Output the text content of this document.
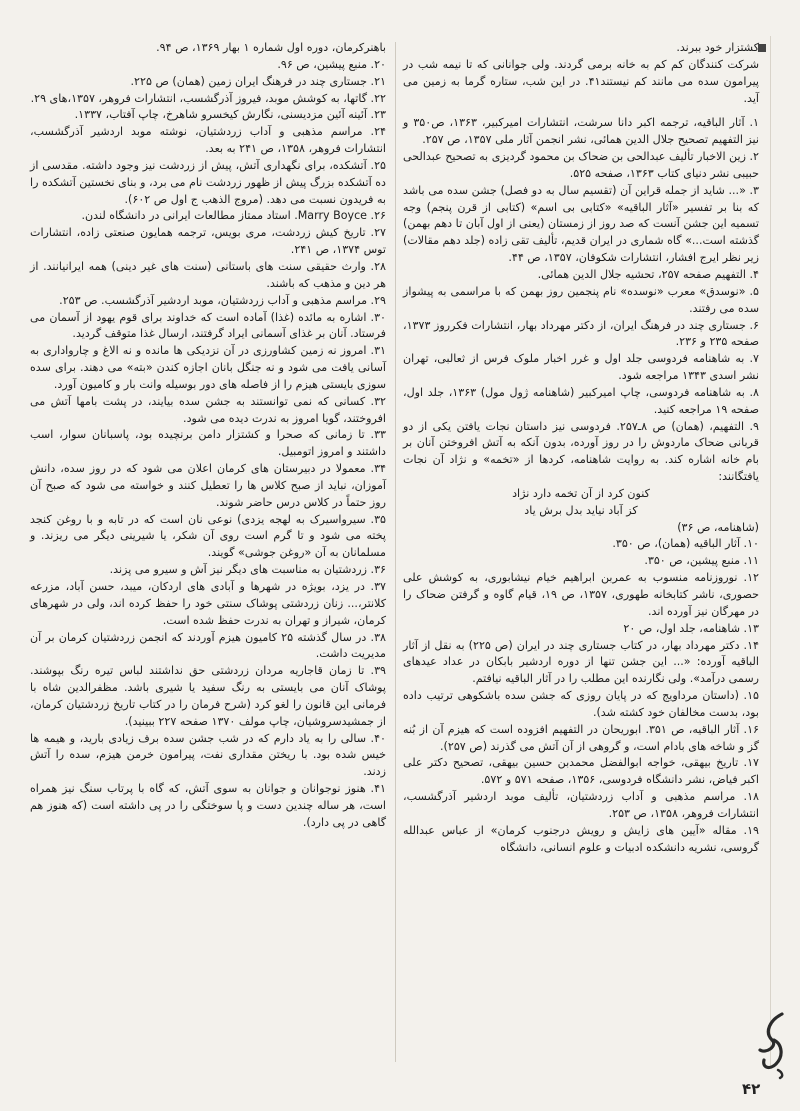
کشتزار خود ببرند.

شرکت کنندگان کم کم به خانه برمی گردند. ولی جوانانی که تا نیمه شب در پیرامون سده می مانند کم نیستند۴۱. در این شب، ستاره گرما به زمین می آید.

۱. آثار الباقیه، ترجمه اکبر دانا سرشت، انتشارات امیرکبیر، ۱۳۶۳، ص۳۵۰ و نیز التفهیم تصحیح جلال الدین همائی، نشر انجمن آثار ملی ۱۳۵۷، ص ۲۵۷.

۲. زین الاخبار تألیف عبدالحی بن ضحاک بن محمود گردیزی به تصحیح عبدالحی حبیبی نشر دنیای کتاب ۱۳۶۳، صفحه ۵۲۵.

۳. «... شاید از جمله قراین آن (تقسیم سال به دو فصل) جشن سده می باشد که بنا بر تفسیر «آثار الباقیه» «کتابی بی اسم» (کتابی از قرن پنجم) وجه تسمیه این جشن آنست که صد روز از زمستان (یعنی از اول آبان تا دهم بهمن) گذشته است...» گاه شماری در ایران قدیم، تألیف تقی زاده (جلد دهم مقالات) زیر نظر ایرج افشار، انتشارات شکوفان، ۱۳۵۷، ص ۴۴.

۴. التفهیم صفحه ۲۵۷، تحشیه جلال الدین همائی.

۵. «نوسدق» معرب «نوسده» نام پنجمین روز بهمن که با مراسمی به پیشواز سده می رفتند.

۶. جستاری چند در فرهنگ ایران، از دکتر مهرداد بهار، انتشارات فکرروز ۱۳۷۳، صفحه ۲۳۵ و ۲۳۶.

۷. به شاهنامه فردوسی جلد اول و غرر اخبار ملوک فرس از ثعالبی، تهران نشر اسدی ۱۳۴۳ مراجعه شود.

۸. به شاهنامه فردوسی، چاپ امیرکبیر (شاهنامه ژول مول) ۱۳۶۳، جلد اول، صفحه ۱۹ مراجعه کنید.

۹. التفهیم، (همان) ص ۸ـ۲۵۷. فردوسی نیز داستان نجات یافتن یکی از دو قربانی ضحاک ماردوش را در روز آورده، بدون آنکه به آتش افروختن آنان بر بام خانه اشاره کند. به روایت شاهنامه، کردها از «تخمه» و نژاد آن نجات یافتگانند:

کنون کرد از آن تخمه دارد نژاد

کز آباد نیاید بدل برش یاد

(شاهنامه، ص ۳۶)

۱۰. آثار الباقیه (همان)، ص ۳۵۰.

۱۱. منبع پیشین، ص ۳۵۰.

۱۲. نوروزنامه منسوب به عمربن ابراهیم خیام نیشابوری، به کوشش علی حصوری، ناشر کتابخانه طهوری، ۱۳۵۷، ص ۱۹، قیام گاوه و گرفتن ضحاک را در مهرگان نیز آورده اند.

۱۳. شاهنامه، جلد اول، ص ۲۰

۱۴. دکتر مهرداد بهار، در کتاب جستاری چند در ایران (ص ۲۲۵) به نقل از آثار الباقیه آورده: «... این جشن تنها از دوره اردشیر بابکان در عداد عیدهای رسمی درآمد». ولی نگارنده این مطلب را در آثار الباقیه نیافتم.

۱۵. (داستان مرداویج که در پایان روزی که جشن سده باشکوهی ترتیب داده بود، بدست مخالفان خود کشته شد).

۱۶. آثار الباقیه، ص ۳۵۱. ابوریحان در التفهیم افزوده است که هیزم آن از بُنه گز و شاخه های بادام است، و گروهی از آن آتش می گذرند (ص ۲۵۷).

۱۷. تاریخ بیهقی، خواجه ابوالفضل محمدبن حسین بیهقی، تصحیح دکتر علی اکبر فیاض، نشر دانشگاه فردوسی، ۱۳۵۶، صفحه ۵۷۱ و ۵۷۲.

۱۸. مراسم مذهبی و آداب زردشتیان، تألیف موبد اردشیر آذرگشسب، انتشارات فروهر، ۱۳۵۸، ص ۲۵۳.

۱۹. مقاله «آیین های زایش و رویش درجنوب کرمان» از عباس عبدالله گروسی، نشریه دانشکده ادبیات و علوم انسانی، دانشگاه

باهنرکرمان، دوره اول شماره ۱ بهار ۱۳۶۹، ص ۹۴.

۲۰. منبع پیشین، ص ۹۶.

۲۱. جستاری چند در فرهنگ ایران زمین (همان) ص ۲۲۵.

۲۲. گاتها، به کوشش موبد، فیروز آذرگشسب، انتشارات فروهر، ۱۳۵۷،های ۲۹.

۲۳. آئینه آئین مزدیسنی، نگارش کیخسرو شاهرخ، چاپ آفتاب، ۱۳۳۷.

۲۴. مراسم مذهبی و آداب زردشتیان، نوشته موبد اردشیر آذرگشسب، انتشارات فروهر، ۱۳۵۸، ص ۲۴۱ به بعد.

۲۵. آتشکده، برای نگهداری آتش، پیش از زردشت نیز وجود داشته. مقدسی از ده آتشکده بزرگ پیش از ظهور زردشت نام می برد، و بنای نخستین آتشکده را به فریدون نسبت می دهد. (مروج الذهب ج اول ص ۶۰۲).

۲۶. Marry Boyce. استاد ممتاز مطالعات ایرانی در دانشگاه لندن.

۲۷. تاریخ کیش زردشت، مری بویس، ترجمه همایون صنعتی زاده، انتشارات توس ۱۳۷۴، ص ۲۴۱.

۲۸. وارث حقیقی سنت های باستانی (سنت های غیر دینی) همه ایرانیانند. از هر دین و مذهب که باشند.

۲۹. مراسم مذهبی و آداب زردشتیان، موبد اردشیر آذرگشسب. ص ۲۵۳.

۳۰. اشاره به مائده (غذا) آماده است که خداوند برای قوم یهود از آسمان می فرستاد. آنان بر غذای آسمانی ایراد گرفتند، ارسال غذا متوقف گردید.

۳۱. امروز نه زمین کشاورزی در آن نزدیکی ها مانده و نه الاغ و چارواداری به آسانی یافت می شود و نه جنگل بانان اجازه کندن «بته» می دهند. برای سده سوزی بایستی هیزم را از فاصله های دور بوسیله وانت بار و کامیون آورد.

۳۲. کسانی که نمی توانستند به جشن سده بیایند، در پشت بامها آتش می افروختند، گویا امروز به ندرت دیده می شود.

۳۳. تا زمانی که صحرا و کشتزار دامن برنچیده بود، پاسبانان سوار، اسب داشتند و امروز اتومبیل.

۳۴. معمولا در دبیرستان های کرمان اعلان می شود که در روز سده، دانش آموزان، نباید از صبح کلاس ها را تعطیل کنند و خواسته می شود که صبح آن روز حتماً در کلاس درس حاضر شوند.

۳۵. سیرواسیرک به لهجه یزدی) نوعی نان است که در تابه و با روغن کنجد پخته می شود و تا گرم است روی آن شکر، یا شیرینی دیگر می ریزند. و مسلمانان به آن «روغن جوشی» گویند.

۳۶. زردشتیان به مناسبت های دیگر نیز آش و سیرو می پزند.

۳۷. در یزد، بویژه در شهرها و آبادی های اردکان، میبد، حسن آباد، مزرعه کلانتر،... زنان زردشتی پوشاک سنتی خود را حفظ کرده اند، ولی در شهرهای کرمان، شیراز و تهران به ندرت حفظ شده است.

۳۸. در سال گذشته ۲۵ کامیون هیزم آوردند که انجمن زردشتیان کرمان بر آن مدیریت داشت.

۳۹. تا زمان قاجاریه مردان زردشتی حق نداشتند لباس تیره رنگ بپوشند. پوشاک آنان می بایستی به رنگ سفید یا شیری باشد. مظفرالدین شاه با فرمانی این قانون را لغو کرد (شرح فرمان را در کتاب تاریخ زردشتیان کرمان، از جمشیدسروشیان، چاپ مولف ۱۳۷۰ صفحه ۲۲۷ ببینید).

۴۰. سالی را به یاد دارم که در شب جشن سده برف زیادی بارید، و هیمه ها خیس شده بود. با ریختن مقداری نفت، پیرامون خرمن هیزم، سده را آتش زدند.

۴۱. هنوز نوجوانان و جوانان به سوی آتش، که گاه با پرتاب سنگ نیز همراه است، هر ساله چندین دست و پا سوختگی را در پی داشته است (که هنوز هم گاهی در پی دارد).

۴۲
